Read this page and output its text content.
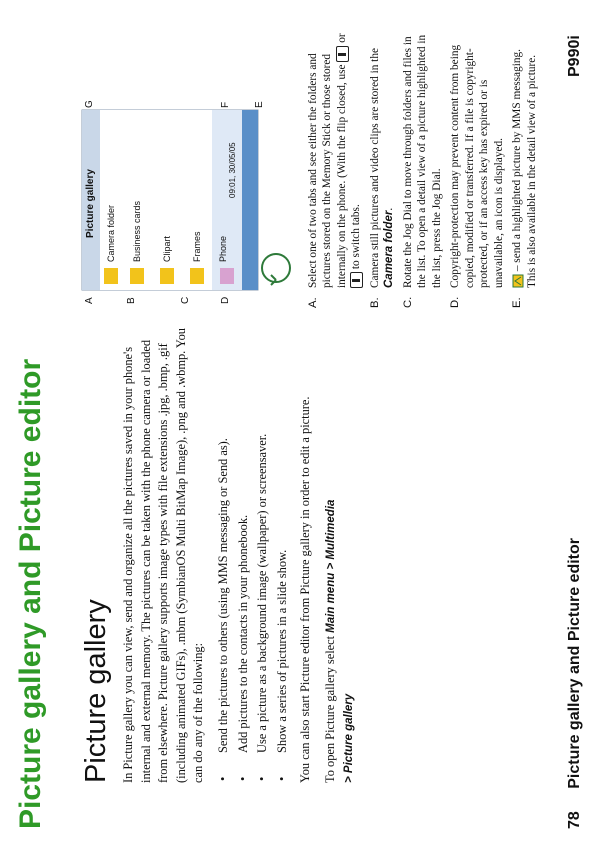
Picture gallery and Picture editor Picture gallery In Picture gallery you can view, send and organize all the pictures saved in your phone's internal and external memory. The pictures can be taken with the phone camera or loaded from elsewhere. Picture gallery supports image types with file extensions .jpg, .bmp, .gif (including animated GIFs), .mbm (SymbianOS Multi BitMap Image), .png and .wbmp. You can do any of the following: • Send the pictures to others (using MMS messaging or Send as). • Add pictures to the contacts in your phonebook. • Use a picture as a background image (wallpaper) or screensaver. • Show a series of pictures in a slide show. You can also start Picture editor from Picture gallery in order to edit a picture. To open Picture gallery select Main menu > Multimedia
> Picture gallery

A	B	C	D
E
F
G
Picture gallery Camera folder Business cards Clipart Frames Phone
09:01, 30/05/05
A.
Select one of two tabs and see either the folders and pictures stored on the Memory Stick or those stored internally on the phone. (With the flip closed, use  or  to switch tabs.
B.
Camera still pictures and video clips are stored in the Camera folder.
C.
Rotate the Jog Dial to move through folders and files in the list. To open a detail view of a picture highlighted in the list, press the Jog Dial.
D.
Copyright-protection may prevent content from being copied, modified or transferred. If a file is copyright-protected, or if an access key has expired or is unavailable, an icon is displayed.
E.
– send a highlighted picture by MMS messaging. This is also available in the detail view of a picture.
78 Picture gallery and Picture editor
P990i
